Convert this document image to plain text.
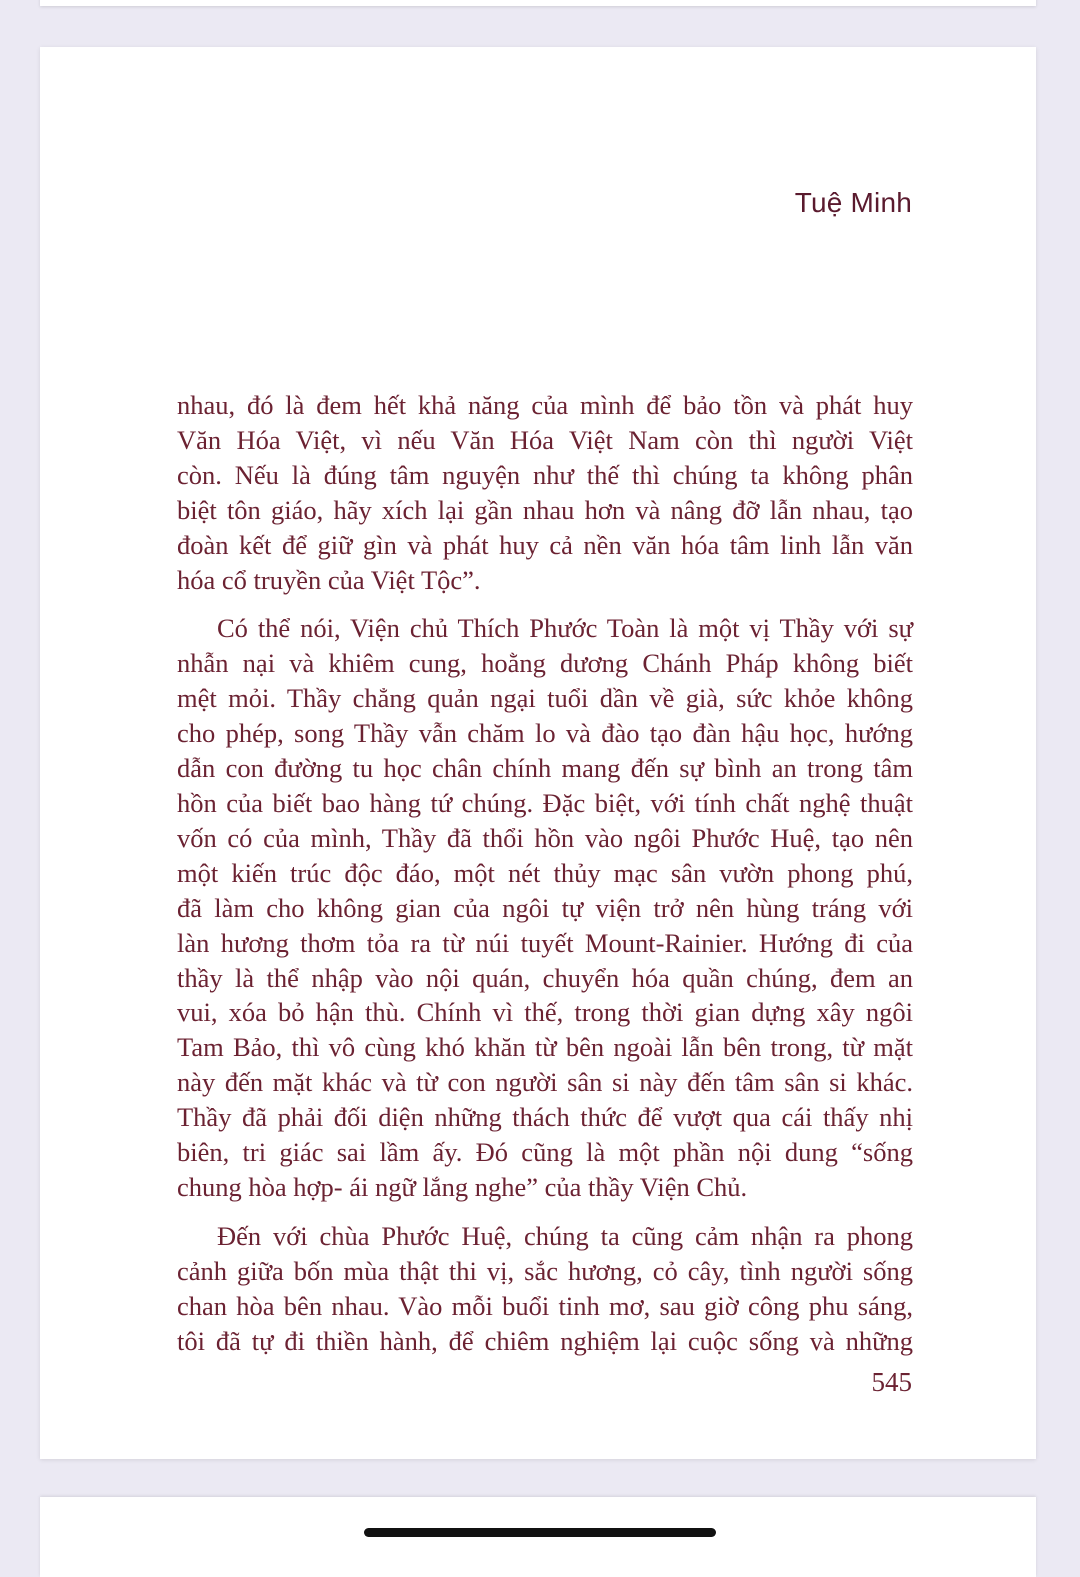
Tuệ Minh

nhau, đó là đem hết khả năng của mình để bảo tồn và phát huy

Văn Hóa Việt, vì nếu Văn Hóa Việt Nam còn thì người Việt

còn. Nếu là đúng tâm nguyện như thế thì chúng ta không phân

biệt tôn giáo, hãy xích lại gần nhau hơn và nâng đỡ lẫn nhau, tạo

đoàn kết để giữ gìn và phát huy cả nền văn hóa tâm linh lẫn văn

hóa cổ truyền của Việt Tộc”.

Có thể nói, Viện chủ Thích Phước Toàn là một vị Thầy với sự

nhẫn nại và khiêm cung, hoằng dương Chánh Pháp không biết

mệt mỏi. Thầy chẳng quản ngại tuổi dần về già, sức khỏe không

cho phép, song Thầy vẫn chăm lo và đào tạo đàn hậu học, hướng

dẫn con đường tu học chân chính mang đến sự bình an trong tâm

hồn của biết bao hàng tứ chúng. Đặc biệt, với tính chất nghệ thuật

vốn có của mình, Thầy đã thổi hồn vào ngôi Phước Huệ, tạo nên

một kiến trúc độc đáo, một nét thủy mạc sân vườn phong phú,

đã làm cho không gian của ngôi tự viện trở nên hùng tráng với

làn hương thơm tỏa ra từ núi tuyết Mount-Rainier. Hướng đi của

thầy là thể nhập vào nội quán, chuyển hóa quần chúng, đem an

vui, xóa bỏ hận thù. Chính vì thế, trong thời gian dựng xây ngôi

Tam Bảo, thì vô cùng khó khăn từ bên ngoài lẫn bên trong, từ mặt

này đến mặt khác và từ con người sân si này đến tâm sân si khác.

Thầy đã phải đối diện những thách thức để vượt qua cái thấy nhị

biên, tri giác sai lầm ấy. Đó cũng là một phần nội dung “sống

chung hòa hợp- ái ngữ lắng nghe” của thầy Viện Chủ.

Đến với chùa Phước Huệ, chúng ta cũng cảm nhận ra phong

cảnh giữa bốn mùa thật thi vị, sắc hương, cỏ cây, tình người sống

chan hòa bên nhau. Vào mỗi buổi tinh mơ, sau giờ công phu sáng,

tôi đã tự đi thiền hành, để chiêm nghiệm lại cuộc sống và những

545
